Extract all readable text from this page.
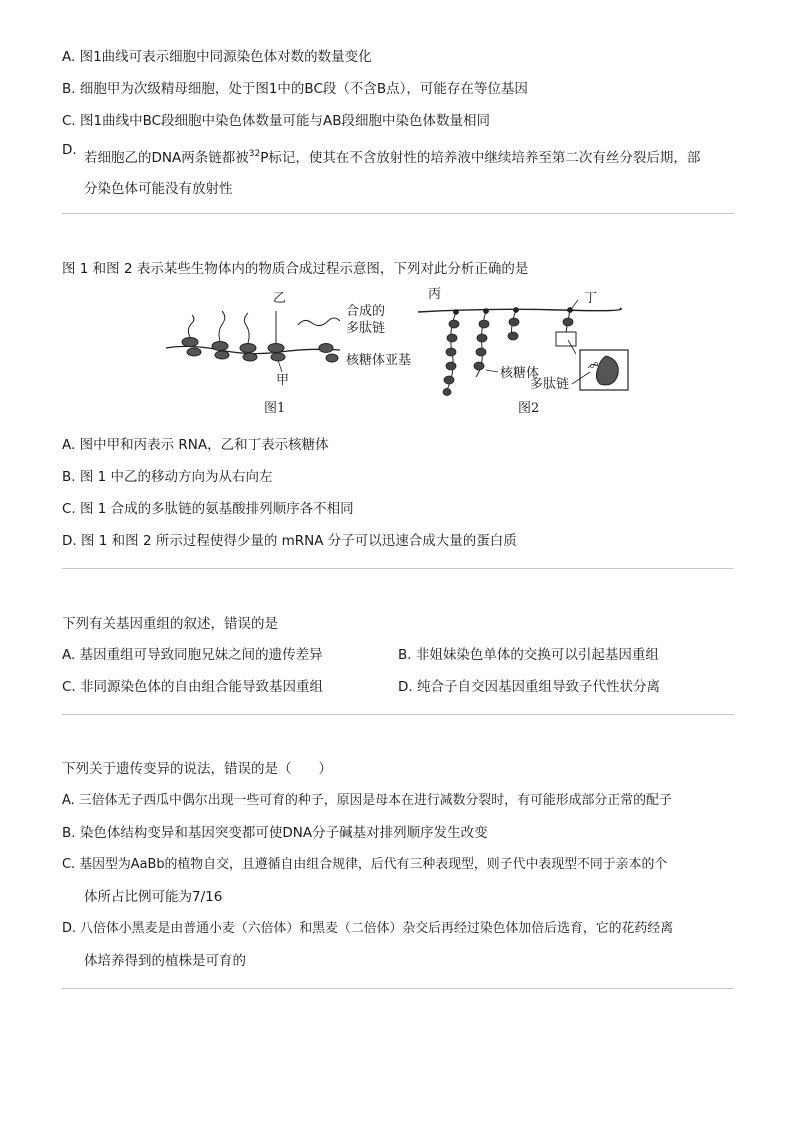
A. 图1曲线可表示细胞中同源染色体对数的数量变化
B. 细胞甲为次级精母细胞，处于图1中的BC段（不含B点），可能存在等位基因
C. 图1曲线中BC段细胞中染色体数量可能与AB段细胞中染色体数量相同
D. 若细胞乙的DNA两条链都被$^{32}$P标记，使其在不含放射性的培养液中继续培养至第二次有丝分裂后期，部
分染色体可能没有放射性
图 1 和图 2 表示某些生物体内的物质合成过程示意图，下列对此分析正确的是
乙
甲
合成的
多肽链
核糖体亚基
图1
丙	丁
核糖体
多肽链
图2
A. 图中甲和丙表示 RNA，乙和丁表示核糖体
B. 图 1 中乙的移动方向为从右向左
C. 图 1 合成的多肽链的氨基酸排列顺序各不相同
D. 图 1 和图 2 所示过程使得少量的 mRNA 分子可以迅速合成大量的蛋白质
下列有关基因重组的叙述，错误的是
A. 基因重组可导致同胞兄妹之间的遗传差异	B. 非姐妹染色单体的交换可以引起基因重组
C. 非同源染色体的自由组合能导致基因重组	D. 纯合子自交因基因重组导致子代性状分离
下列关于遗传变异的说法，错误的是（　　）
A. 三倍体无子西瓜中偶尔出现一些可育的种子，原因是母本在进行减数分裂时，有可能形成部分正常的配子
B. 染色体结构变异和基因突变都可使DNA分子碱基对排列顺序发生改变
C. 基因型为AaBb的植物自交，且遵循自由组合规律，后代有三种表现型，则子代中表现型不同于亲本的个
体所占比例可能为7/16
D. 八倍体小黑麦是由普通小麦（六倍体）和黑麦（二倍体）杂交后再经过染色体加倍后选育，它的花药经离
体培养得到的植株是可育的
